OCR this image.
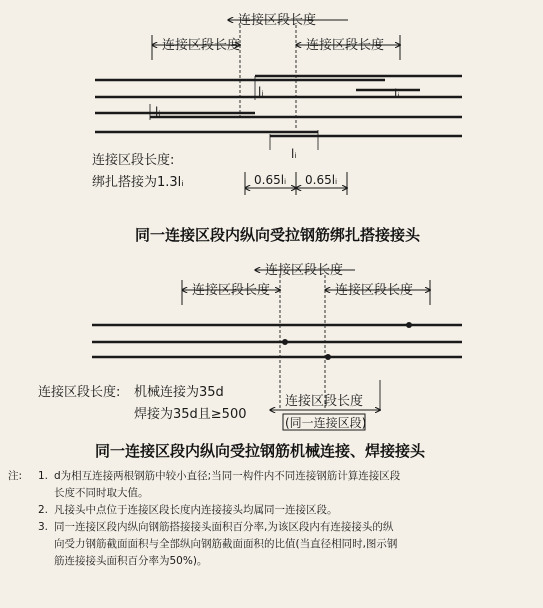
连接区段长度
连接区段长度	连接区段长度
lᵢ	lᵢ
lᵢ
lᵢ
连接区段长度:
绑扎搭接为1.3lᵢ	0.65lᵢ 0.65lᵢ
同一连接区段内纵向受拉钢筋绑扎搭接接头
连接区段长度
连接区段长度	连接区段长度
连接区段长度: 机械连接为35d
焊接为35d且≥500
连接区段长度
(同一连接区段)
同一连接区段内纵向受拉钢筋机械连接、焊接接头
注:	1. d为相互连接两根钢筋中较小直径;当同一构件内不同连接钢筋计算连接区段
长度不同时取大值。
2. 凡接头中点位于连接区段长度内连接接头均属同一连接区段。
3. 同一连接区段内纵向钢筋搭接接头面积百分率,为该区段内有连接接头的纵
向受力钢筋截面面积与全部纵向钢筋截面面积的比值(当直径相同时,图示钢
筋连接接头面积百分率为50%)。
